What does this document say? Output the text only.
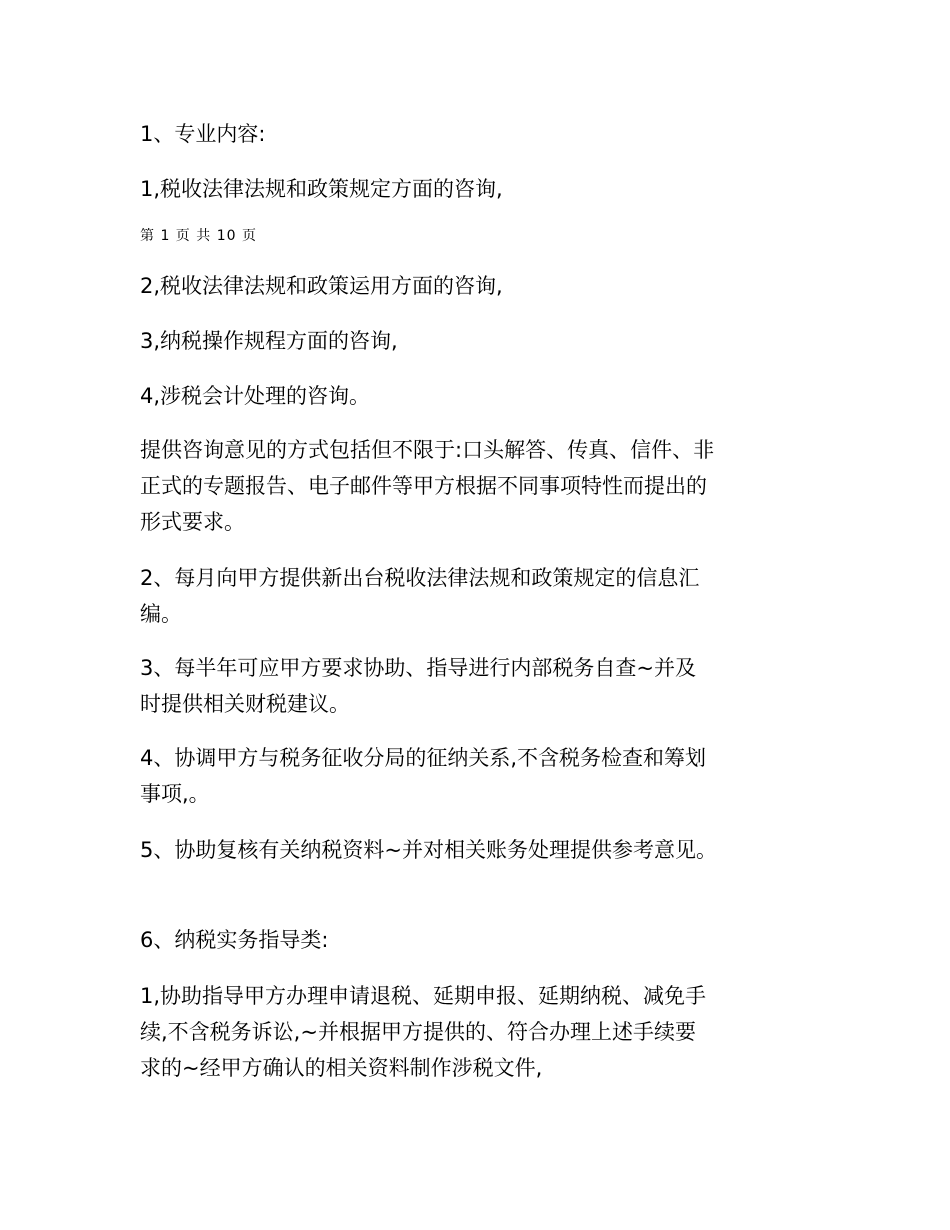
1、专业内容:
1,税收法律法规和政策规定方面的咨询,
第 1 页 共 10 页
2,税收法律法规和政策运用方面的咨询,
3,纳税操作规程方面的咨询,
4,涉税会计处理的咨询。
提供咨询意见的方式包括但不限于:口头解答、传真、信件、非
正式的专题报告、电子邮件等甲方根据不同事项特性而提出的
形式要求。
2、每月向甲方提供新出台税收法律法规和政策规定的信息汇
编。
3、每半年可应甲方要求协助、指导进行内部税务自查~并及
时提供相关财税建议。
4、协调甲方与税务征收分局的征纳关系,不含税务检查和筹划
事项,。
5、协助复核有关纳税资料~并对相关账务处理提供参考意见。
6、纳税实务指导类:
1,协助指导甲方办理申请退税、延期申报、延期纳税、减免手
续,不含税务诉讼,~并根据甲方提供的、符合办理上述手续要
求的~经甲方确认的相关资料制作涉税文件,
